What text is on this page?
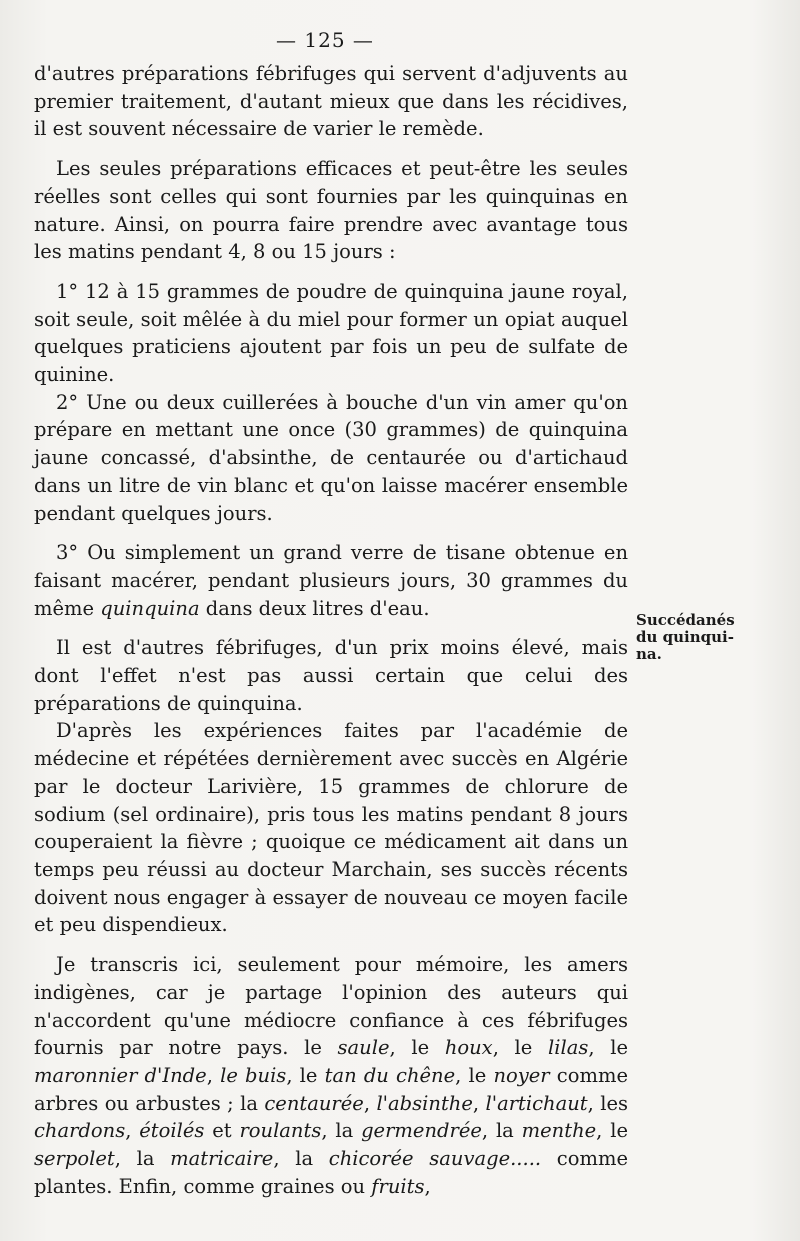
— 125 —

d'autres préparations fébrifuges qui servent d'adjuvents au premier traitement, d'autant mieux que dans les récidives, il est souvent nécessaire de varier le remède.

Les seules préparations efficaces et peut-être les seules réelles sont celles qui sont fournies par les quinquinas en nature. Ainsi, on pourra faire prendre avec avantage tous les matins pendant 4, 8 ou 15 jours :

1° 12 à 15 grammes de poudre de quinquina jaune royal, soit seule, soit mêlée à du miel pour former un opiat auquel quelques praticiens ajoutent par fois un peu de sulfate de quinine.

2° Une ou deux cuillerées à bouche d'un vin amer qu'on prépare en mettant une once (30 grammes) de quinquina jaune concassé, d'absinthe, de centaurée ou d'artichaud dans un litre de vin blanc et qu'on laisse macérer ensemble pendant quelques jours.

3° Ou simplement un grand verre de tisane obtenue en faisant macérer, pendant plusieurs jours, 30 grammes du même quinquina dans deux litres d'eau.

Il est d'autres fébrifuges, d'un prix moins élevé, mais dont l'effet n'est pas aussi certain que celui des préparations de quinquina.

D'après les expériences faites par l'académie de médecine et répétées dernièrement avec succès en Algérie par le docteur Larivière, 15 grammes de chlorure de sodium (sel ordinaire), pris tous les matins pendant 8 jours couperaient la fièvre ; quoique ce médicament ait dans un temps peu réussi au docteur Marchain, ses succès récents doivent nous engager à essayer de nouveau ce moyen facile et peu dispendieux.

Je transcris ici, seulement pour mémoire, les amers indigènes, car je partage l'opinion des auteurs qui n'accordent qu'une médiocre confiance à ces fébrifuges fournis par notre pays. le saule, le houx, le lilas, le maronnier d'Inde, le buis, le tan du chêne, le noyer comme arbres ou arbustes ; la centaurée, l'absinthe, l'artichaut, les chardons, étoilés et roulants, la germendrée, la menthe, le serpolet, la matricaire, la chicorée sauvage..... comme plantes. Enfin, comme graines ou fruits,

Succédanés
du quinqui-
na.
